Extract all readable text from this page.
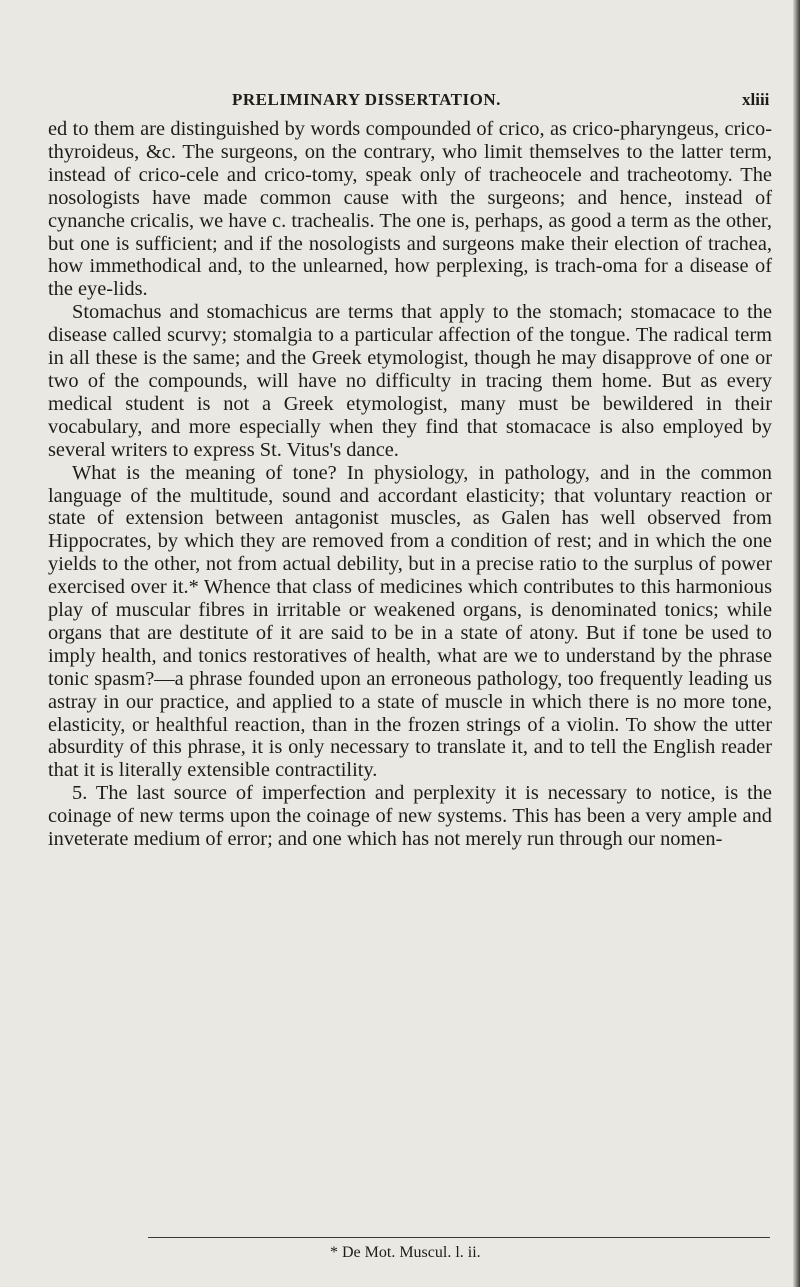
PRELIMINARY DISSERTATION.	xliii

ed to them are distinguished by words compounded of crico, as crico-pharyngeus, crico-thyroideus, &c. The surgeons, on the contrary, who limit themselves to the latter term, instead of crico-cele and crico-tomy, speak only of tracheocele and tracheotomy. The nosologists have made common cause with the surgeons; and hence, instead of cynanche cricalis, we have c. trachealis. The one is, perhaps, as good a term as the other, but one is sufficient; and if the nosologists and surgeons make their election of trachea, how immethodical and, to the unlearned, how perplexing, is trach-oma for a disease of the eye-lids.

Stomachus and stomachicus are terms that apply to the stomach; stomacace to the disease called scurvy; stomalgia to a particular affection of the tongue. The radical term in all these is the same; and the Greek etymologist, though he may disapprove of one or two of the compounds, will have no difficulty in tracing them home. But as every medical student is not a Greek etymologist, many must be bewildered in their vocabulary, and more especially when they find that stomacace is also employed by several writers to express St. Vitus's dance.

What is the meaning of tone? In physiology, in pathology, and in the common language of the multitude, sound and accordant elasticity; that voluntary reaction or state of extension between antagonist muscles, as Galen has well observed from Hippocrates, by which they are removed from a condition of rest; and in which the one yields to the other, not from actual debility, but in a precise ratio to the surplus of power exercised over it.* Whence that class of medicines which contributes to this harmonious play of muscular fibres in irritable or weakened organs, is denominated tonics; while organs that are destitute of it are said to be in a state of atony. But if tone be used to imply health, and tonics restoratives of health, what are we to understand by the phrase tonic spasm?—a phrase founded upon an erroneous pathology, too frequently leading us astray in our practice, and applied to a state of muscle in which there is no more tone, elasticity, or healthful reaction, than in the frozen strings of a violin. To show the utter absurdity of this phrase, it is only necessary to translate it, and to tell the English reader that it is literally extensible contractility.

5. The last source of imperfection and perplexity it is necessary to notice, is the coinage of new terms upon the coinage of new systems. This has been a very ample and inveterate medium of error; and one which has not merely run through our nomen-

* De Mot. Muscul. l. ii.
